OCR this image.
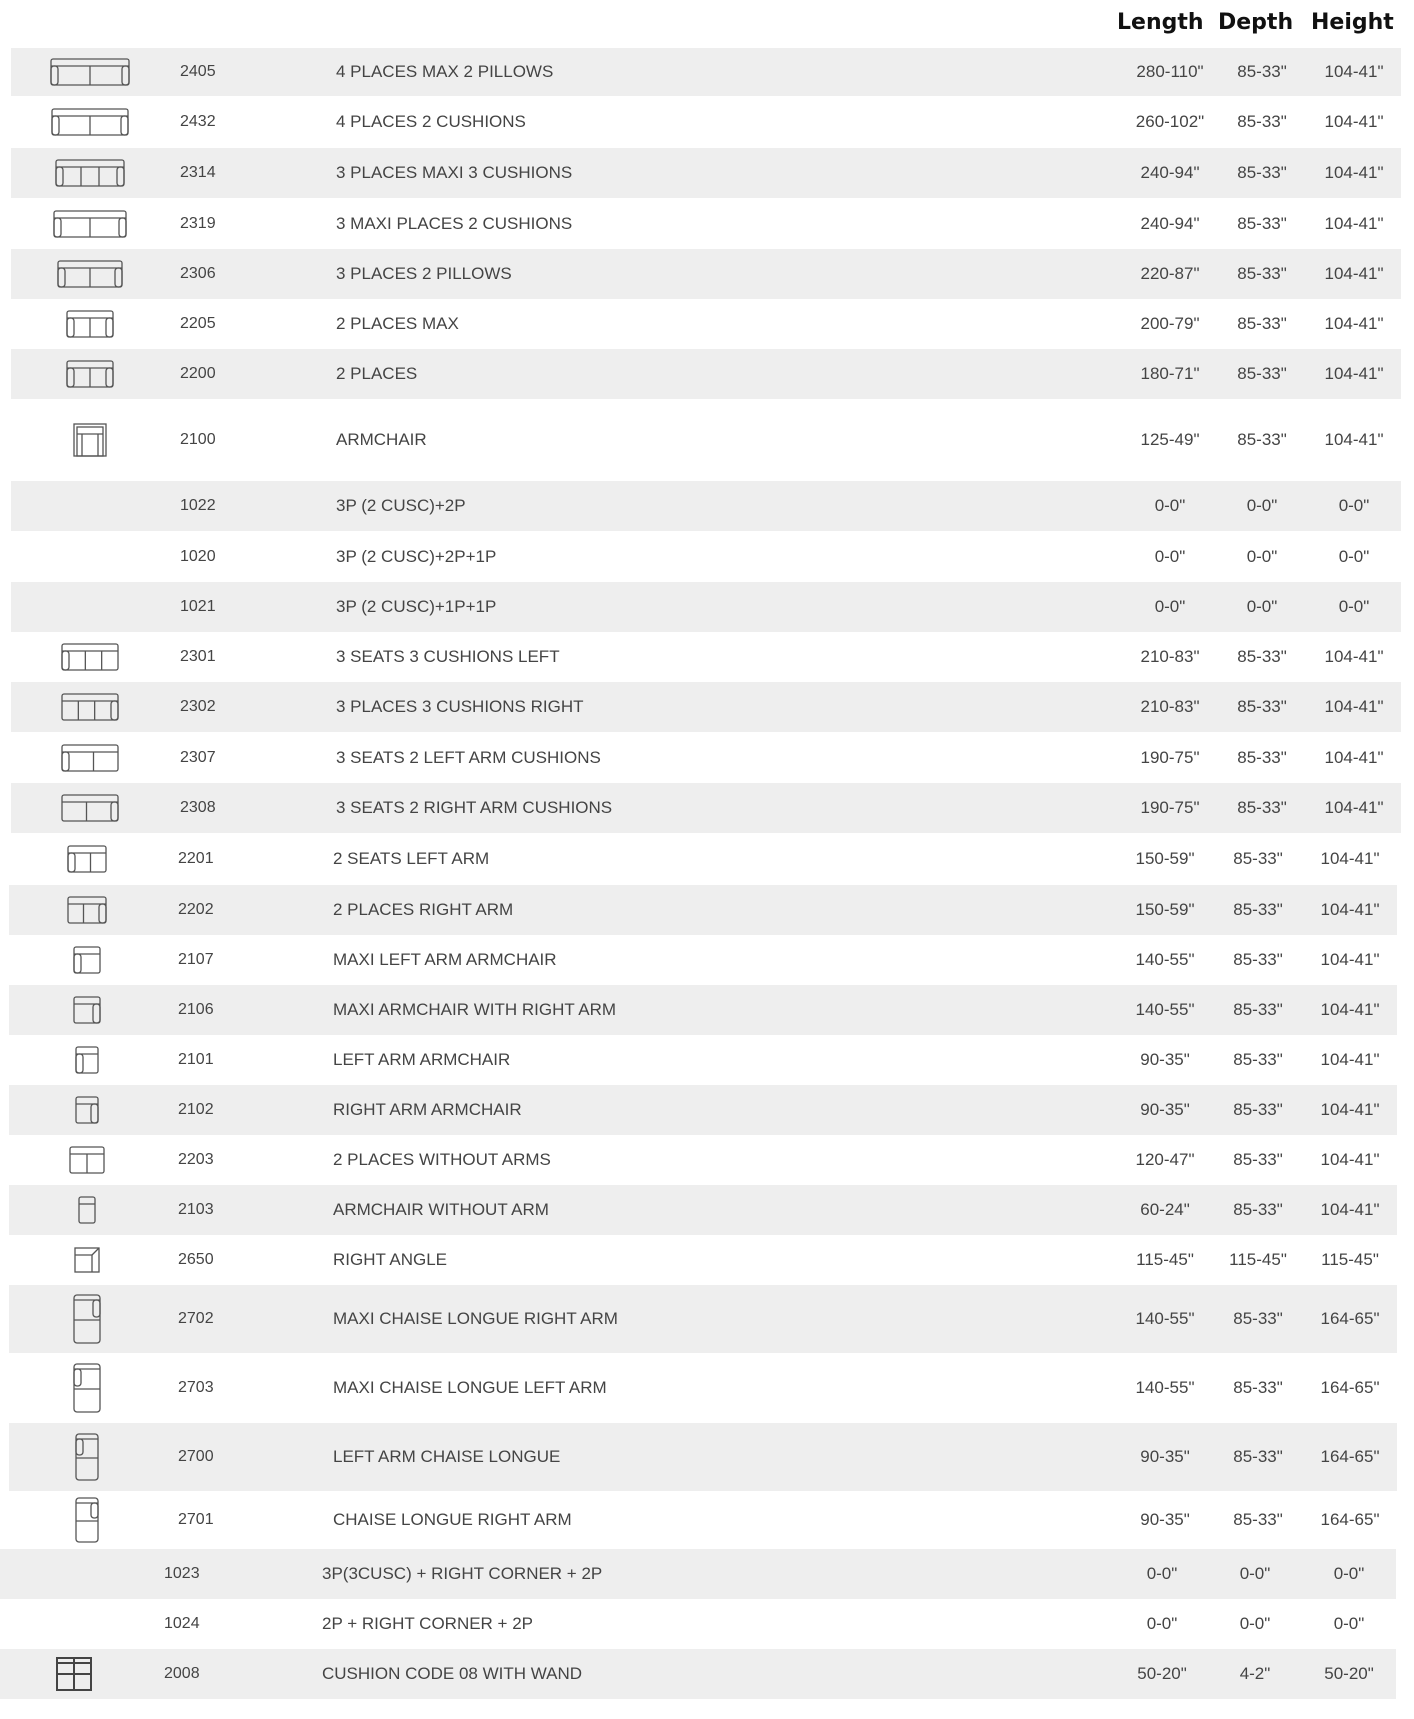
Length Depth Height
2405	4 PLACES MAX 2 PILLOWS	280-110" 85-33" 104-41"
2432	4 PLACES 2 CUSHIONS	260-102" 85-33" 104-41"
2314	3 PLACES MAXI 3 CUSHIONS	240-94" 85-33" 104-41"
2319	3 MAXI PLACES 2 CUSHIONS	240-94" 85-33" 104-41"
2306	3 PLACES 2 PILLOWS	220-87" 85-33" 104-41"
2205	2 PLACES MAX	200-79" 85-33" 104-41"
2200	2 PLACES	180-71" 85-33" 104-41"
2100	ARMCHAIR	125-49" 85-33" 104-41"
1022	3P (2 CUSC)+2P	0-0"	0-0"	0-0"
1020	3P (2 CUSC)+2P+1P	0-0"	0-0"	0-0"
1021	3P (2 CUSC)+1P+1P	0-0"	0-0"	0-0"
2301	3 SEATS 3 CUSHIONS LEFT	210-83" 85-33" 104-41"
2302	3 PLACES 3 CUSHIONS RIGHT	210-83" 85-33" 104-41"
2307	3 SEATS 2 LEFT ARM CUSHIONS	190-75" 85-33" 104-41"
2308	3 SEATS 2 RIGHT ARM CUSHIONS	190-75" 85-33" 104-41"
2201	2 SEATS LEFT ARM	150-59" 85-33" 104-41"
2202	2 PLACES RIGHT ARM	150-59" 85-33" 104-41"
2107	MAXI LEFT ARM ARMCHAIR	140-55" 85-33" 104-41"
2106	MAXI ARMCHAIR WITH RIGHT ARM	140-55" 85-33" 104-41"
2101	LEFT ARM ARMCHAIR	90-35"	85-33" 104-41"
2102	RIGHT ARM ARMCHAIR	90-35"	85-33" 104-41"
2203	2 PLACES WITHOUT ARMS	120-47" 85-33" 104-41"
2103	ARMCHAIR WITHOUT ARM	60-24"	85-33" 104-41"
2650	RIGHT ANGLE	115-45" 115-45" 115-45"
2702	MAXI CHAISE LONGUE RIGHT ARM	140-55" 85-33" 164-65"
2703	MAXI CHAISE LONGUE LEFT ARM	140-55" 85-33" 164-65"
2700	LEFT ARM CHAISE LONGUE	90-35"	85-33" 164-65"
2701	CHAISE LONGUE RIGHT ARM	90-35"	85-33" 164-65"
1023	3P(3CUSC) + RIGHT CORNER + 2P	0-0"	0-0"	0-0"
1024	2P + RIGHT CORNER + 2P	0-0"	0-0"	0-0"
2008	CUSHION CODE 08 WITH WAND	50-20"	4-2"	50-20"
